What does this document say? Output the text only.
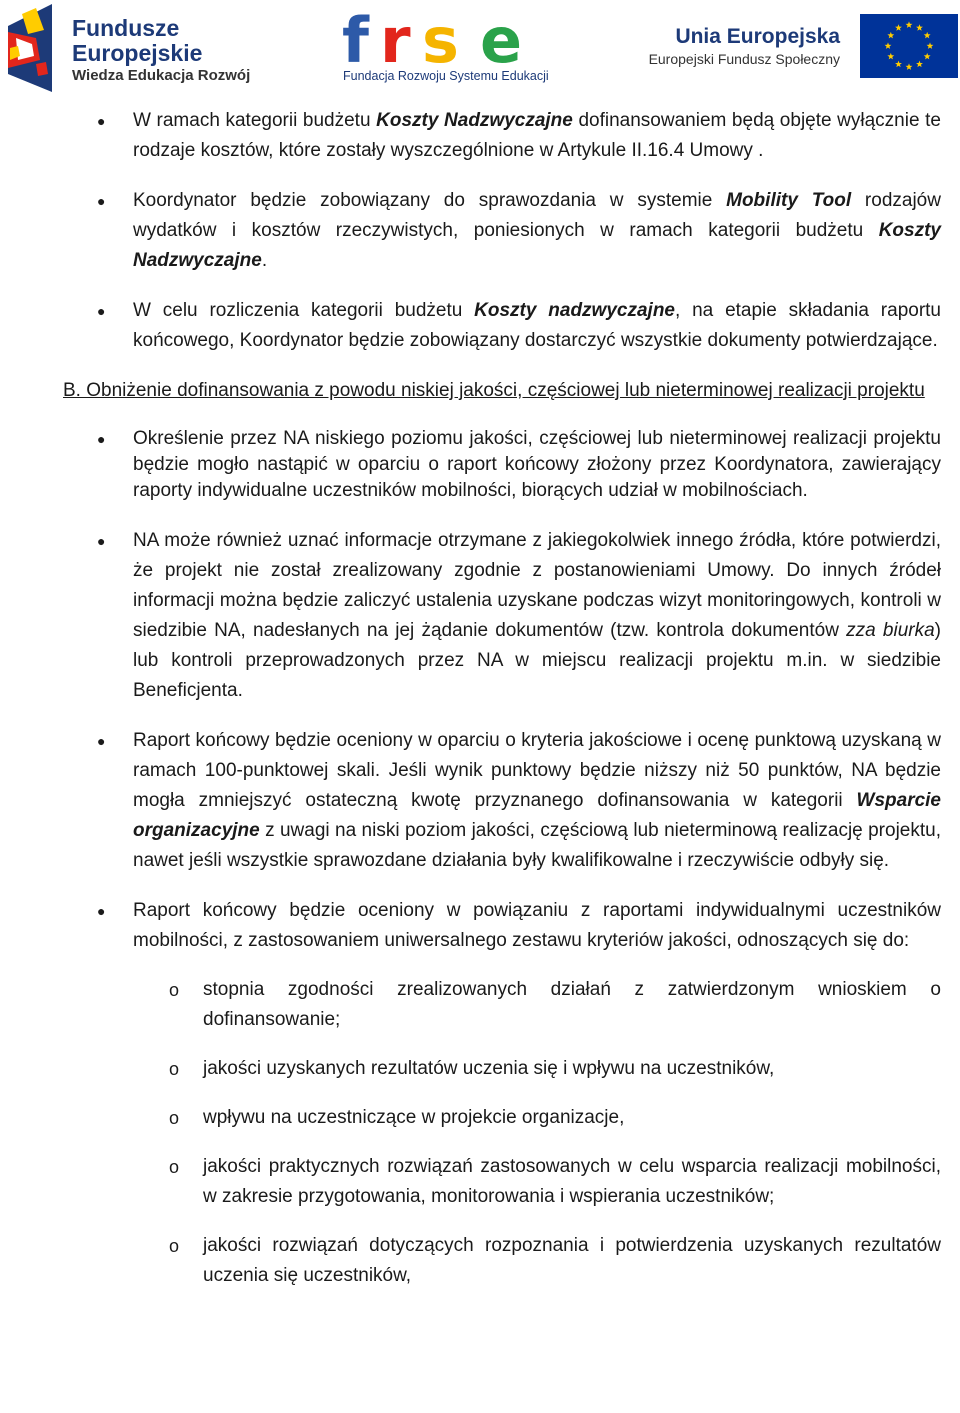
Fundusze
Europejskie
Wiedza Edukacja Rozwój f r s e
Fundacja Rozwoju Systemu Edukacji
Unia Europejska
Europejski Fundusz Społeczny
● W ramach kategorii budżetu Koszty Nadzwyczajne dofinansowaniem będą objęte wyłącznie te rodzaje kosztów, które zostały wyszczególnione w Artykule II.16.4 Umowy .
● Koordynator będzie zobowiązany do sprawozdania w systemie Mobility Tool rodzajów wydatków i kosztów rzeczywistych, poniesionych w ramach kategorii budżetu Koszty Nadzwyczajne.
● W celu rozliczenia kategorii budżetu Koszty nadzwyczajne, na etapie składania raportu końcowego, Koordynator będzie zobowiązany dostarczyć wszystkie dokumenty potwierdzające.
B. Obniżenie dofinansowania z powodu niskiej jakości, częściowej lub nieterminowej realizacji projektu
● Określenie przez NA niskiego poziomu jakości, częściowej lub nieterminowej realizacji projektu będzie mogło nastąpić w oparciu o raport końcowy złożony przez Koordynatora, zawierający raporty indywidualne uczestników mobilności, biorących udział w mobilnościach.
● NA może również uznać informacje otrzymane z jakiegokolwiek innego źródła, które potwierdzi, że projekt nie został zrealizowany zgodnie z postanowieniami Umowy. Do innych źródeł informacji można będzie zaliczyć ustalenia uzyskane podczas wizyt monitoringowych, kontroli w siedzibie NA, nadesłanych na jej żądanie dokumentów (tzw. kontrola dokumentów zza biurka) lub kontroli przeprowadzonych przez NA w miejscu realizacji projektu m.in. w siedzibie Beneficjenta.
● Raport końcowy będzie oceniony w oparciu o kryteria jakościowe i ocenę punktową uzyskaną w ramach 100-punktowej skali. Jeśli wynik punktowy będzie niższy niż 50 punktów, NA będzie mogła zmniejszyć ostateczną kwotę przyznanego dofinansowania w kategorii Wsparcie organizacyjne z uwagi na niski poziom jakości, częściową lub nieterminową realizację projektu, nawet jeśli wszystkie sprawozdane działania były kwalifikowalne i rzeczywiście odbyły się.
● Raport końcowy będzie oceniony w powiązaniu z raportami indywidualnymi uczestników mobilności, z zastosowaniem uniwersalnego zestawu kryteriów jakości, odnoszących się do:
o stopnia zgodności zrealizowanych działań z zatwierdzonym wnioskiem o dofinansowanie;
o jakości uzyskanych rezultatów uczenia się i wpływu na uczestników,
o wpływu na uczestniczące w projekcie organizacje,
o jakości praktycznych rozwiązań zastosowanych w celu wsparcia realizacji mobilności, w zakresie przygotowania, monitorowania i wspierania uczestników;
o jakości rozwiązań dotyczących rozpoznania i potwierdzenia uzyskanych rezultatów uczenia się uczestników,
